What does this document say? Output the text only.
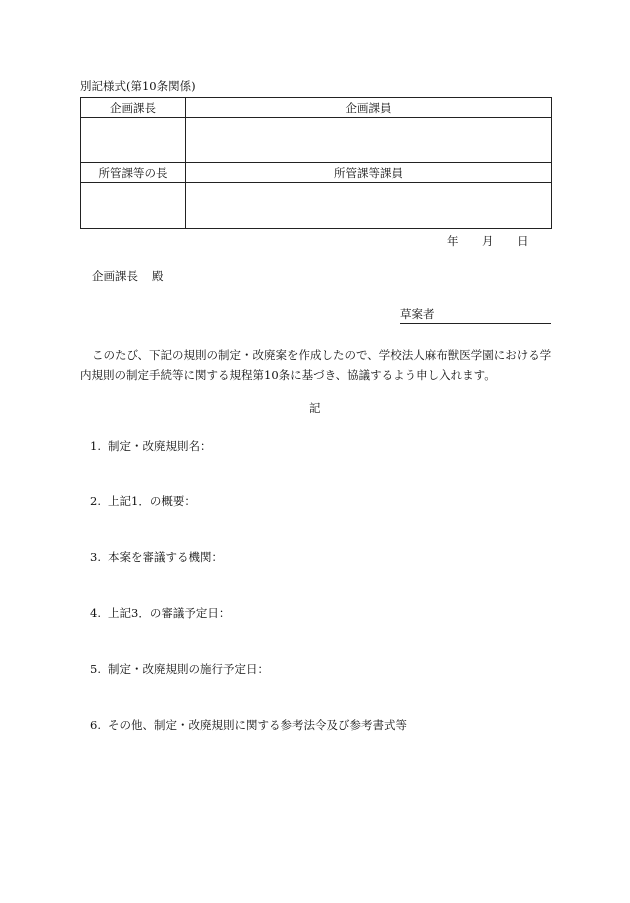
別記様式(第10条関係)
企画課長	企画課員

所管課等の長	所管課等課員

年 月 日
企画課長 殿
草案者
このたび、下記の規則の制定・改廃案を作成したので、学校法人麻布獣医学園における学内規則の制定手続等に関する規程第10条に基づき、協議するよう申し入れます。
記
1. 制定・改廃規則名：
2. 上記1．の概要：
3. 本案を審議する機関：
4. 上記3．の審議予定日：
5. 制定・改廃規則の施行予定日：
6. その他、制定・改廃規則に関する参考法令及び参考書式等
